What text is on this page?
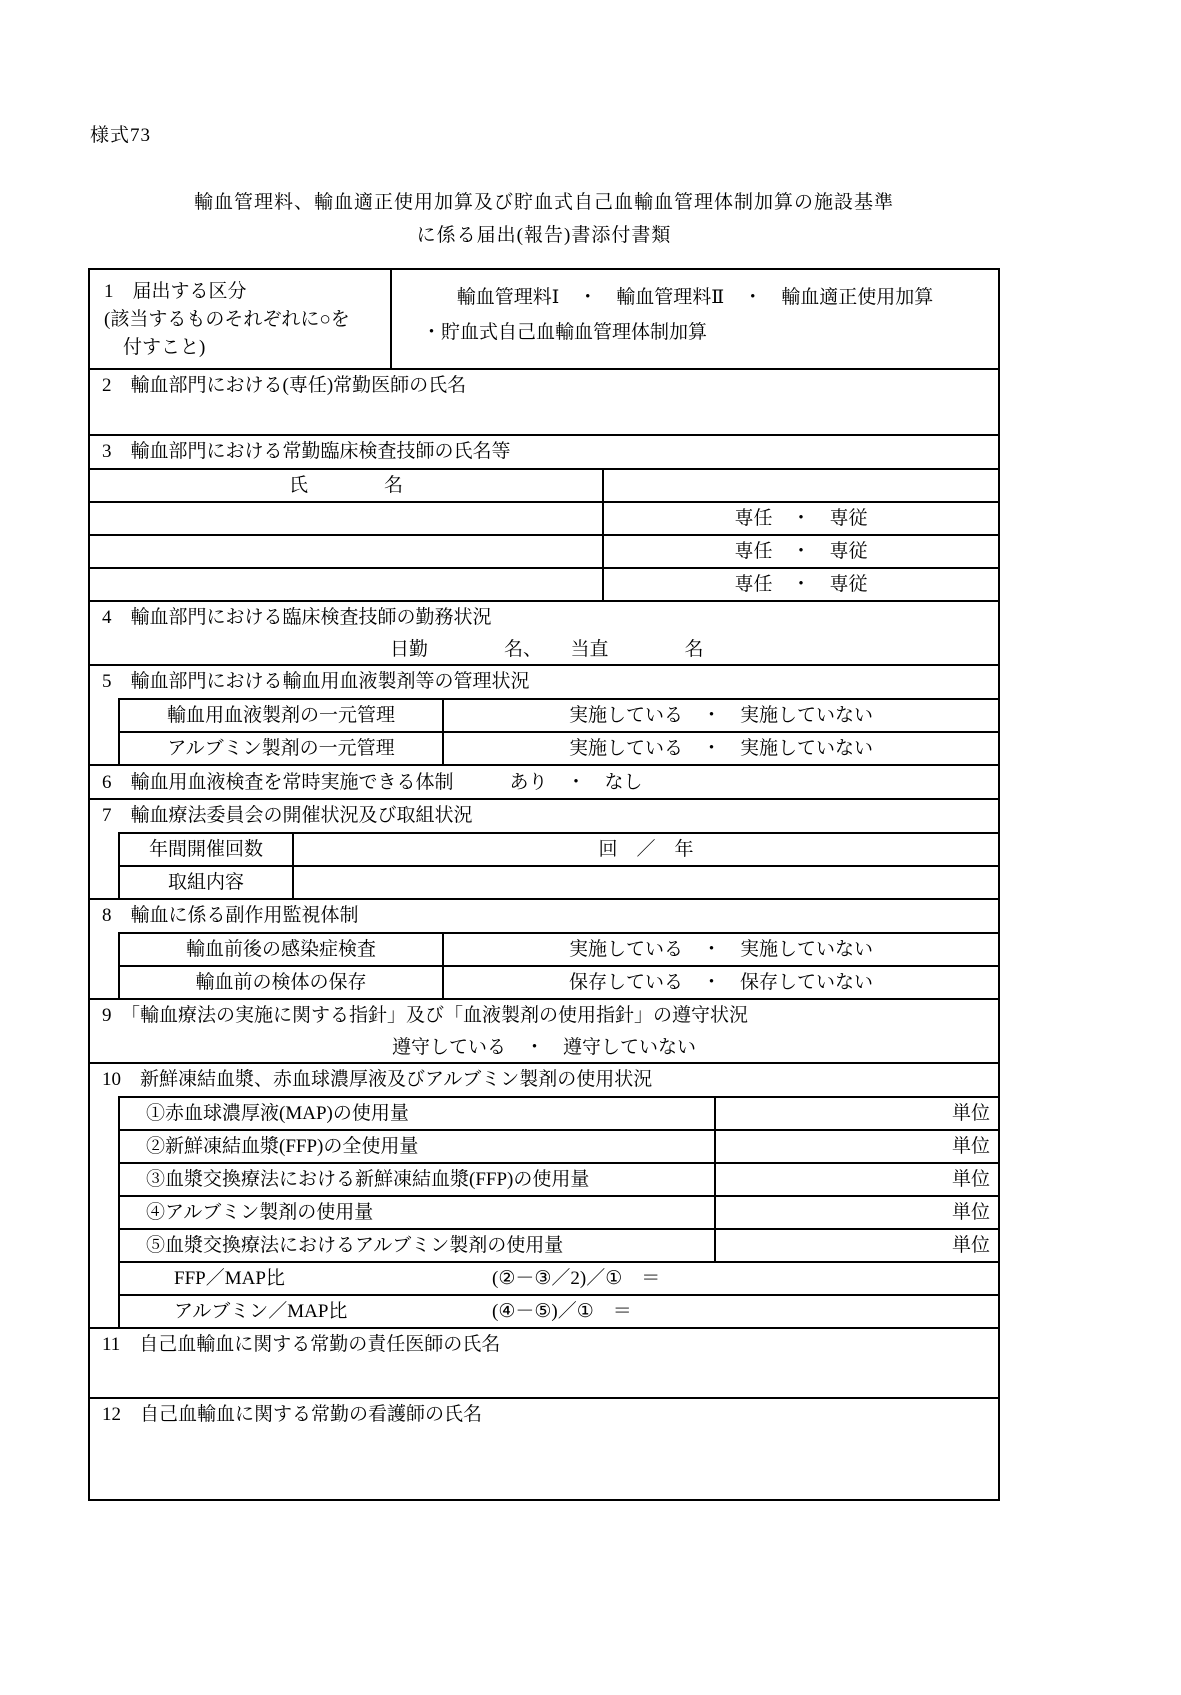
様式73
輸血管理料、輸血適正使用加算及び貯血式自己血輸血管理体制加算の施設基準
に係る届出(報告)書添付書類
1　届出する区分
(該当するものそれぞれに○を
　付すこと)
輸血管理料Ⅰ　・　輸血管理料Ⅱ　・　輸血適正使用加算
・貯血式自己血輸血管理体制加算
2　輸血部門における(専任)常勤医師の氏名
3　輸血部門における常勤臨床検査技師の氏名等
氏　　　　名
専任　・　専従
専任　・　専従
専任　・　専従
4　輸血部門における臨床検査技師の勤務状況
日勤　　　　名、　　当直　　　　名
5　輸血部門における輸血用血液製剤等の管理状況
輸血用血液製剤の一元管理	実施している　・　実施していない
アルブミン製剤の一元管理	実施している　・　実施していない
6　輸血用血液検査を常時実施できる体制	あり　・　なし
7　輸血療法委員会の開催状況及び取組状況
年間開催回数	回　／　年
取組内容
8　輸血に係る副作用監視体制
輸血前後の感染症検査	実施している　・　実施していない
輸血前の検体の保存	保存している　・　保存していない
9　「輸血療法の実施に関する指針」及び「血液製剤の使用指針」の遵守状況
遵守している　・　遵守していない
10　新鮮凍結血漿、赤血球濃厚液及びアルブミン製剤の使用状況
①赤血球濃厚液(MAP)の使用量	単位
②新鮮凍結血漿(FFP)の全使用量	単位
③血漿交換療法における新鮮凍結血漿(FFP)の使用量	単位
④アルブミン製剤の使用量	単位
⑤血漿交換療法におけるアルブミン製剤の使用量	単位
FFP／MAP比	(②－③／2)／①　＝
アルブミン／MAP比	(④－⑤)／①　＝
11　自己血輸血に関する常勤の責任医師の氏名
12　自己血輸血に関する常勤の看護師の氏名
